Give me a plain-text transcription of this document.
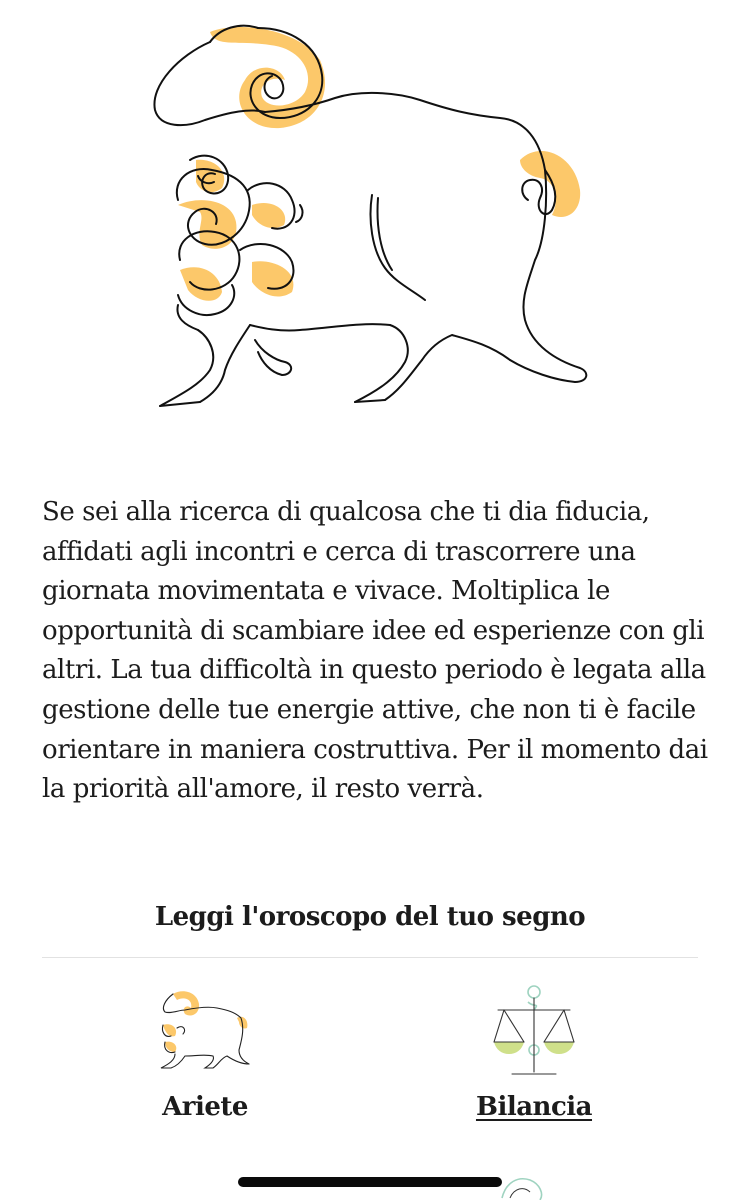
Se sei alla ricerca di qualcosa che ti dia fiducia, affidati agli incontri e cerca di trascorrere una giornata movimentata e vivace. Moltiplica le opportunità di scambiare idee ed esperienze con gli altri. La tua difficoltà in questo periodo è legata alla gestione delle tue energie attive, che non ti è facile orientare in maniera costruttiva. Per il momento dai la priorità all'amore, il resto verrà.

Leggi l'oroscopo del tuo segno
Ariete	Bilancia
